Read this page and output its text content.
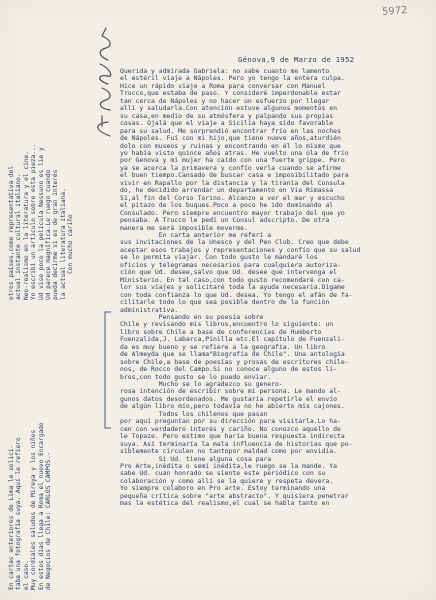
5972
Génova,9 de Marzo de 1952

Querida y admirada Gabriela: no sabe cuanto me lamento

el estéril viaje a Nápoles. Pero yo tengo la entera culpa.

Hice un rápido viaje a Roma para conversar con Manuel

Trucco,que estaba de paso. Y consideré imperdonable estar

tan cerca de Nápoles y no hacer un esfuerzo por llegar

allí y saludarla.Con atención estuve algunos momentos en

su casa,en medio de su atmósfera y palpando sus propias

cosas. Ojalá que el viaje a Sicilia haya sido favorable

para su salud. Me sorprendió encontrar frío en las noches

de Nápoles. Fuí con mi hijo,que tiene nueve años,aturdién

dolo con museos y ruinas y encontrando en él lo mismo que

yo había visto quince años atras. He vuelto una ola de frío

por Genova y mi mujer ha caído con una fuerte grippe. Pero

ya se acerca la primavera y confío verla cuando se afirme

el buen tiempo.Cansado de buscar casa e imposibilitado para

vivir en Rapallo por la distancia y la tiranía del Consula

do, he decidido arrendar un departamento en Via Rimassa

51,al fin del Corso Torino. Alcanzo a ver el mar y escucho

el pitazo de los buques.Poco a poco he ido dominando al

Consulado. Pero siempre encuentro mayor trabajo del que yo

pensaba. A Trucco le pedí un Consul adscripto. De otra

manera me será imposible moverme.

En carta anterior me referí a

sus invitaciones de la Unesco y del Pen Club. Creo que debe

aceptar esos trabajos y representaciones y confío que su salud

se lo permita viajar. Con todo gusto le mandaré los

oficios y telegramas necesarios para cualquiera autoriza-

ción que Ud. desee,salvo que Ud. desee que intervenga el

Ministerio. En tal caso,con todo gusto recomendaré con ca-

lor sus viajes y solicitaré toda la ayuda necesaria.Dígame

con toda confianza lo que Ud. desea. Yo tengo el afán de fa-

cilitarle todo lo que sea posible dentro de la función

administrativa.

Pensando en su poesía sobre

Chile y revisando mis libros,encuentro lo siguiente: un

libro sobre Chile a base de conferencias de Humberto

Fuenzalida,J. Labarca,Pinilla etc.El capítulo de Fuenzali-

da es muy bueno y se refiere a la geografía. Un libro

de Almeyda que se llama"Biografía de Chile". Una antología

sobre Chile,a base de poesías y prosas de escritores chile-

nos, de Rocco del Campo.Si no conoce alguno de estos li-

bros,con todo gusto se lo puedo enviar.

Mucho se lo agradezco su genero-

rosa intención de escribir sobre mi persona. Le mando al-

gunos datos desordenados. Me gustaría repetirle el envío

de algún libro mío,pero todavía no he abierto mis cajones.

Todos los chilenos que pasan

por aquí preguntan por su dirección para visitarla.Lo ha-

cen con verdadero interés y cariño. No conozco aquello de

le Topaze. Pero estimo que haría buena respuesta indirecta

suya. Así terminaría la mala influencia de historias que po-

siblemente circulen no tantopor maldad como por envidia.

Si Ud. tiene alguna cosa para

Pro Arte,inédita o semi inédita,le ruego se la mande. Ya

sabe Ud. cuan honrado se siente este periódico con su

colaboración y como allí se la quiere y respeta devera.

Yo siempre colaboro en Pro arte. Estoy terminando una

pequeña crítica sobre "arte abstracto". Y quisiera penetrar

mas la estética del realismo,el cual se habla tanto en

otros países,como representativa del actual instante cultural italiano. Neo-realismo en la literatura y el cine. Yo escribí un artículo sobre esta pieza... Ud vise poco la película Nessuno es lie y Ud parece magnífica.Le ruego cuando pueda decirme si es de gran interés la actual literatura italiana. Con mucho cariño

En cartas anteriores de Lima le solici- taba una fotografía suya. Aquí le refiero el caso. Muy cordiales saludos de Mireya y los niños En estos días llega a Roma el nuevo Encargado de Negocios de Chile: CARLOS CAMPOS.-
